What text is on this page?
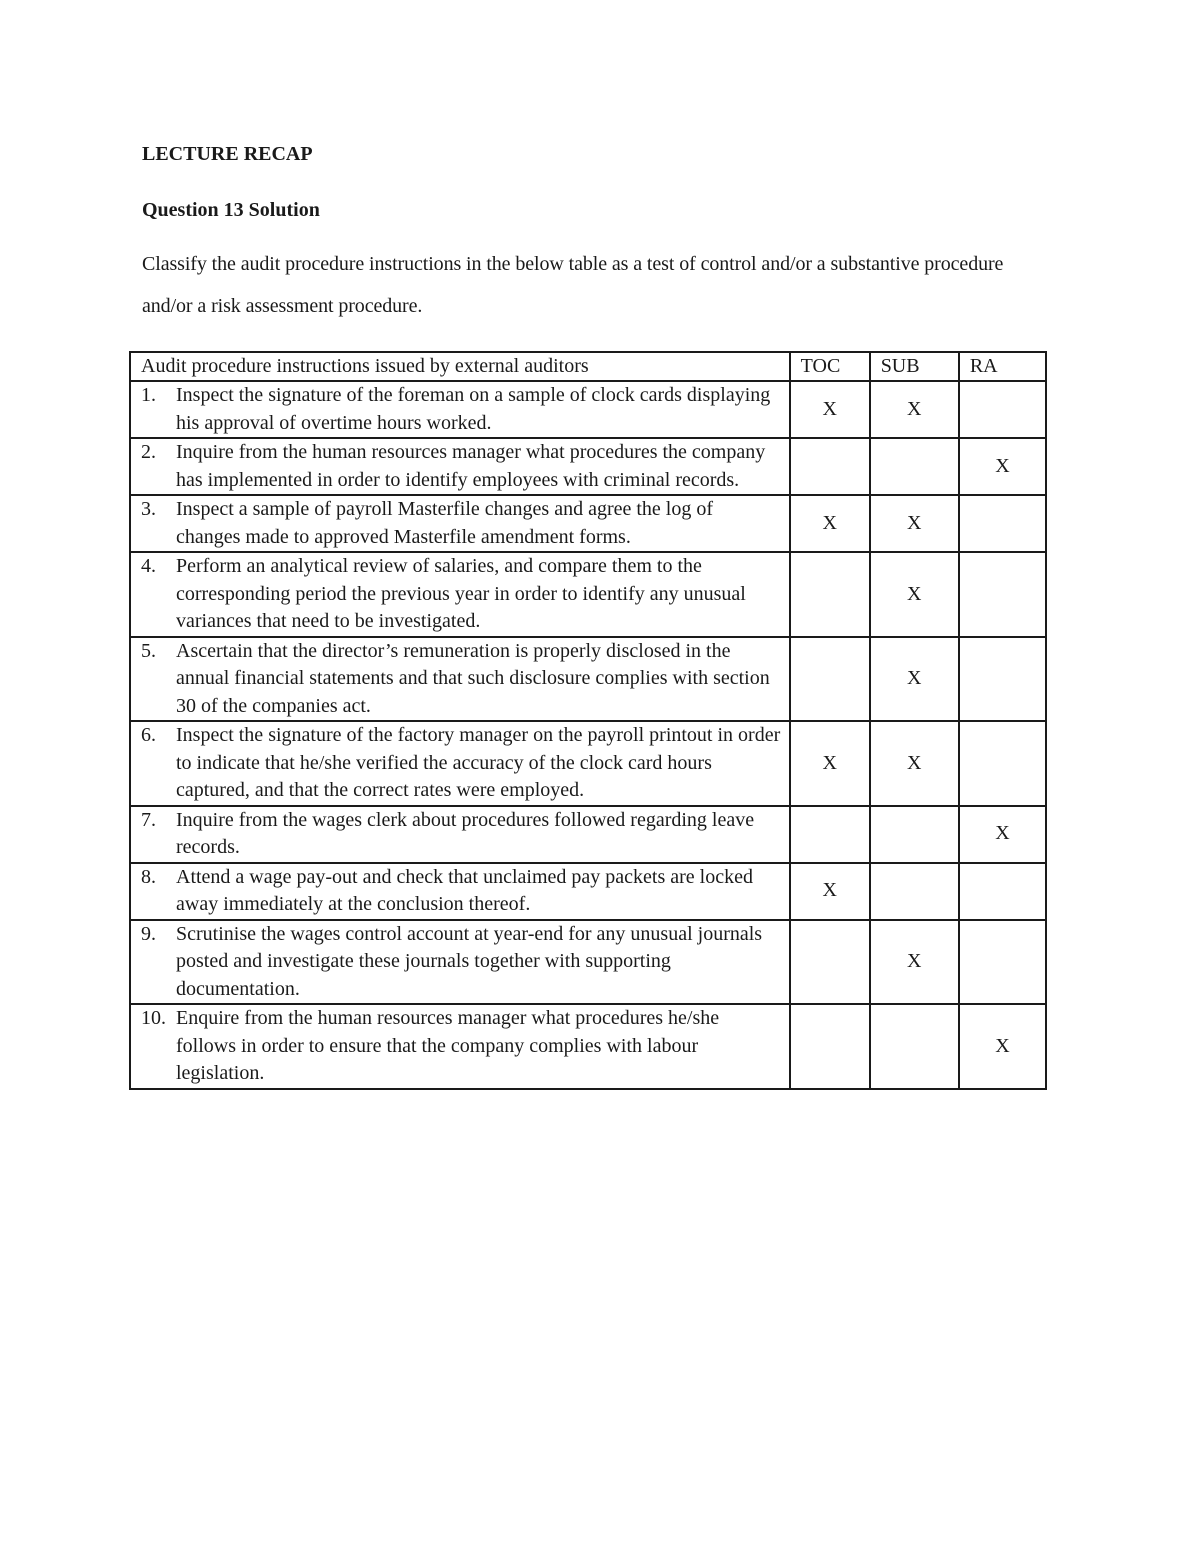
LECTURE RECAP

Question 13 Solution

Classify the audit procedure instructions in the below table as a test of control and/or a substantive procedure and/or a risk assessment procedure.

Audit procedure instructions issued by external auditors	TOC	SUB	RA

1. Inspect the signature of the foreman on a sample of clock cards displaying his approval of overtime hours worked.	X	X	

2. Inquire from the human resources manager what procedures the company has implemented in order to identify employees with criminal records.			X

3. Inspect a sample of payroll Masterfile changes and agree the log of changes made to approved Masterfile amendment forms.	X	X	

4. Perform an analytical review of salaries, and compare them to the corresponding period the previous year in order to identify any unusual variances that need to be investigated.		X	

5. Ascertain that the director’s remuneration is properly disclosed in the annual financial statements and that such disclosure complies with section 30 of the companies act.		X	

6. Inspect the signature of the factory manager on the payroll printout in order to indicate that he/she verified the accuracy of the clock card hours captured, and that the correct rates were employed.	X	X	

7. Inquire from the wages clerk about procedures followed regarding leave records.			X

8. Attend a wage pay-out and check that unclaimed pay packets are locked away immediately at the conclusion thereof.	X		

9. Scrutinise the wages control account at year-end for any unusual journals posted and investigate these journals together with supporting documentation.		X	

10. Enquire from the human resources manager what procedures he/she follows in order to ensure that the company complies with labour legislation.			X
